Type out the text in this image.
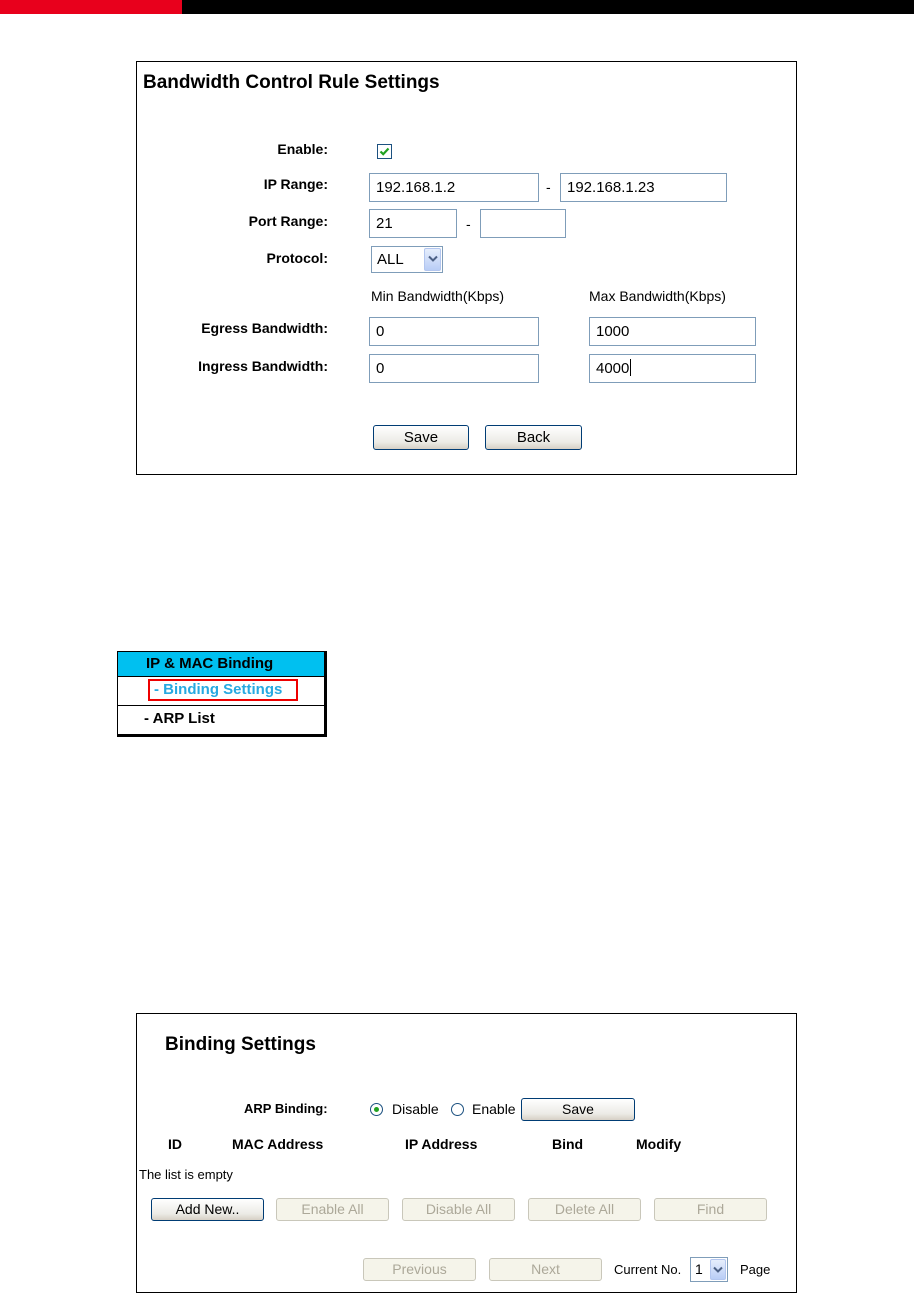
Bandwidth Control Rule Settings
Enable:
IP Range:	192.168.1.2	-	192.168.1.23
Port Range:	21	-
Protocol:	ALL
Min Bandwidth(Kbps)	Max Bandwidth(Kbps)
Egress Bandwidth:	0	1000
Ingress Bandwidth:	0	4000
Save	Back
IP & MAC Binding
- Binding Settings
- ARP List
Binding Settings
ARP Binding:	Disable Enable	Save
ID	MAC Address	IP Address	Bind	Modify
The list is empty
Add New..	Enable All	Disable All	Delete All	Find
Previous	Next	Current No. 1	Page
